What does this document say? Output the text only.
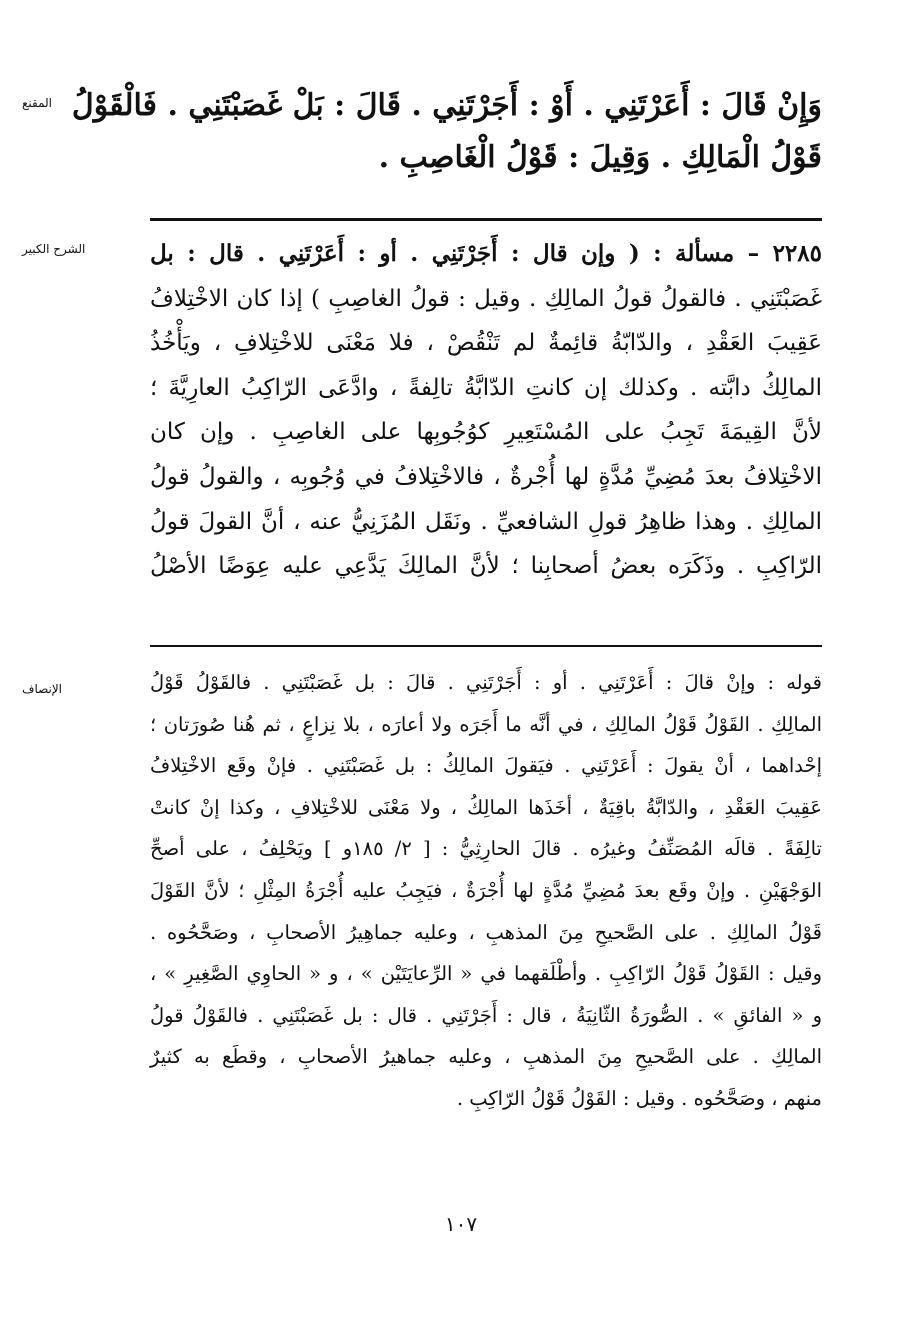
المقنع وَإِنْ قَالَ : أَعَرْتَنِي . أَوْ : أَجَرْتَنِي . قَالَ : بَلْ غَصَبْتَنِي . فَالْقَوْلُ
قَوْلُ الْمَالِكِ . وَقِيلَ : قَوْلُ الْغَاصِبِ .
الشرح الكبير	٢٢٨٥ – مسألة : ( وإن قال : أَجَرْتَنِي . أو : أَعَرْتَنِي . قال : بل
غَصَبْتَنِي . فالقولُ قولُ المالِكِ . وقيل : قولُ الغاصِبِ ) إذا كان الاخْتِلافُ
عَقِيبَ العَقْدِ ، والدّابّةُ قائِمةٌ لم تَنْقُصْ ، فلا مَعْنَى للاخْتِلافِ ، ويَأْخُذُ
المالِكُ دابَّته . وكذلك إن كانتِ الدّابَّةُ تالِفةً ، وادَّعَى الرّاكِبُ العارِيَّةَ ؛
لأنَّ القِيمَةَ تَجِبُ على المُسْتَعِيرِ كوُجُوبِها على الغاصِبِ . وإن كان
الاخْتِلافُ بعدَ مُضِيِّ مُدَّةٍ لها أُجْرةٌ ، فالاخْتِلافُ في وُجُوبِه ، والقولُ قولُ
المالِكِ . وهذا ظاهِرُ قولِ الشافعيِّ . ونَقَل المُزَنِيُّ عنه ، أنَّ القولَ قولُ
الرّاكِبِ . وذَكَرَه بعضُ أصحابِنا ؛ لأنَّ المالِكَ يَدَّعِي عليه عِوَضًا الأصْلُ
الإنصاف	قوله : وإنْ قالَ : أَعَرْتَنِي . أو : أَجَرْتَنِي . قالَ : بل غَصَبْتَنِي . فالقَوْلُ قَوْلُ
المالِكِ . القَوْلُ قَوْلُ المالِكِ ، في أنَّه ما أَجَرَه ولا أعارَه ، بلا نِزاعٍ ، ثم هُنا صُورَتان ؛
إحْداهما ، أنْ يقولَ : أَعَرْتَنِي . فيَقولَ المالِكُ : بل غَصَبْتَنِي . فإنْ وقَع الاخْتِلافُ
عَقِيبَ العَقْدِ ، والدّابَّةُ باقِيَةٌ ، أخَذَها المالِكُ ، ولا مَعْنَى للاخْتِلافِ ، وكذا إنْ كانتْ
تالِفَةً . قالَه المُصَنِّفُ وغيرُه . قالَ الحارِثِيُّ : [ ٢/ ١٨٥و ] ويَحْلِفُ ، على أصحِّ
الوَجْهَيْنِ . وإنْ وقَع بعدَ مُضِيِّ مُدَّةٍ لها أُجْرَةٌ ، فيَجِبُ عليه أُجْرَةُ المِثْلِ ؛ لأنَّ القَوْلَ
قَوْلُ المالِكِ . على الصَّحيحِ مِنَ المذهبِ ، وعليه جماهِيرُ الأصحابِ ، وصَحَّحُوه .
وقيل : القَوْلُ قَوْلُ الرّاكِبِ . وأطْلَقهما في « الرِّعايَتَيْن » ، و « الحاوِي الصَّغِيرِ » ،
و « الفائقِ » . الصُّورَةُ الثّانِيَةُ ، قال : أَجَرْتَنِي . قال : بل غَصَبْتَنِي . فالقَوْلُ قولُ
المالِكِ . على الصَّحيحِ مِنَ المذهبِ ، وعليه جماهيرُ الأصحابِ ، وقطَع به كثيرٌ
منهم ، وصَحَّحُوه . وقيل : القَوْلُ قَوْلُ الرّاكِبِ .
١٠٧
